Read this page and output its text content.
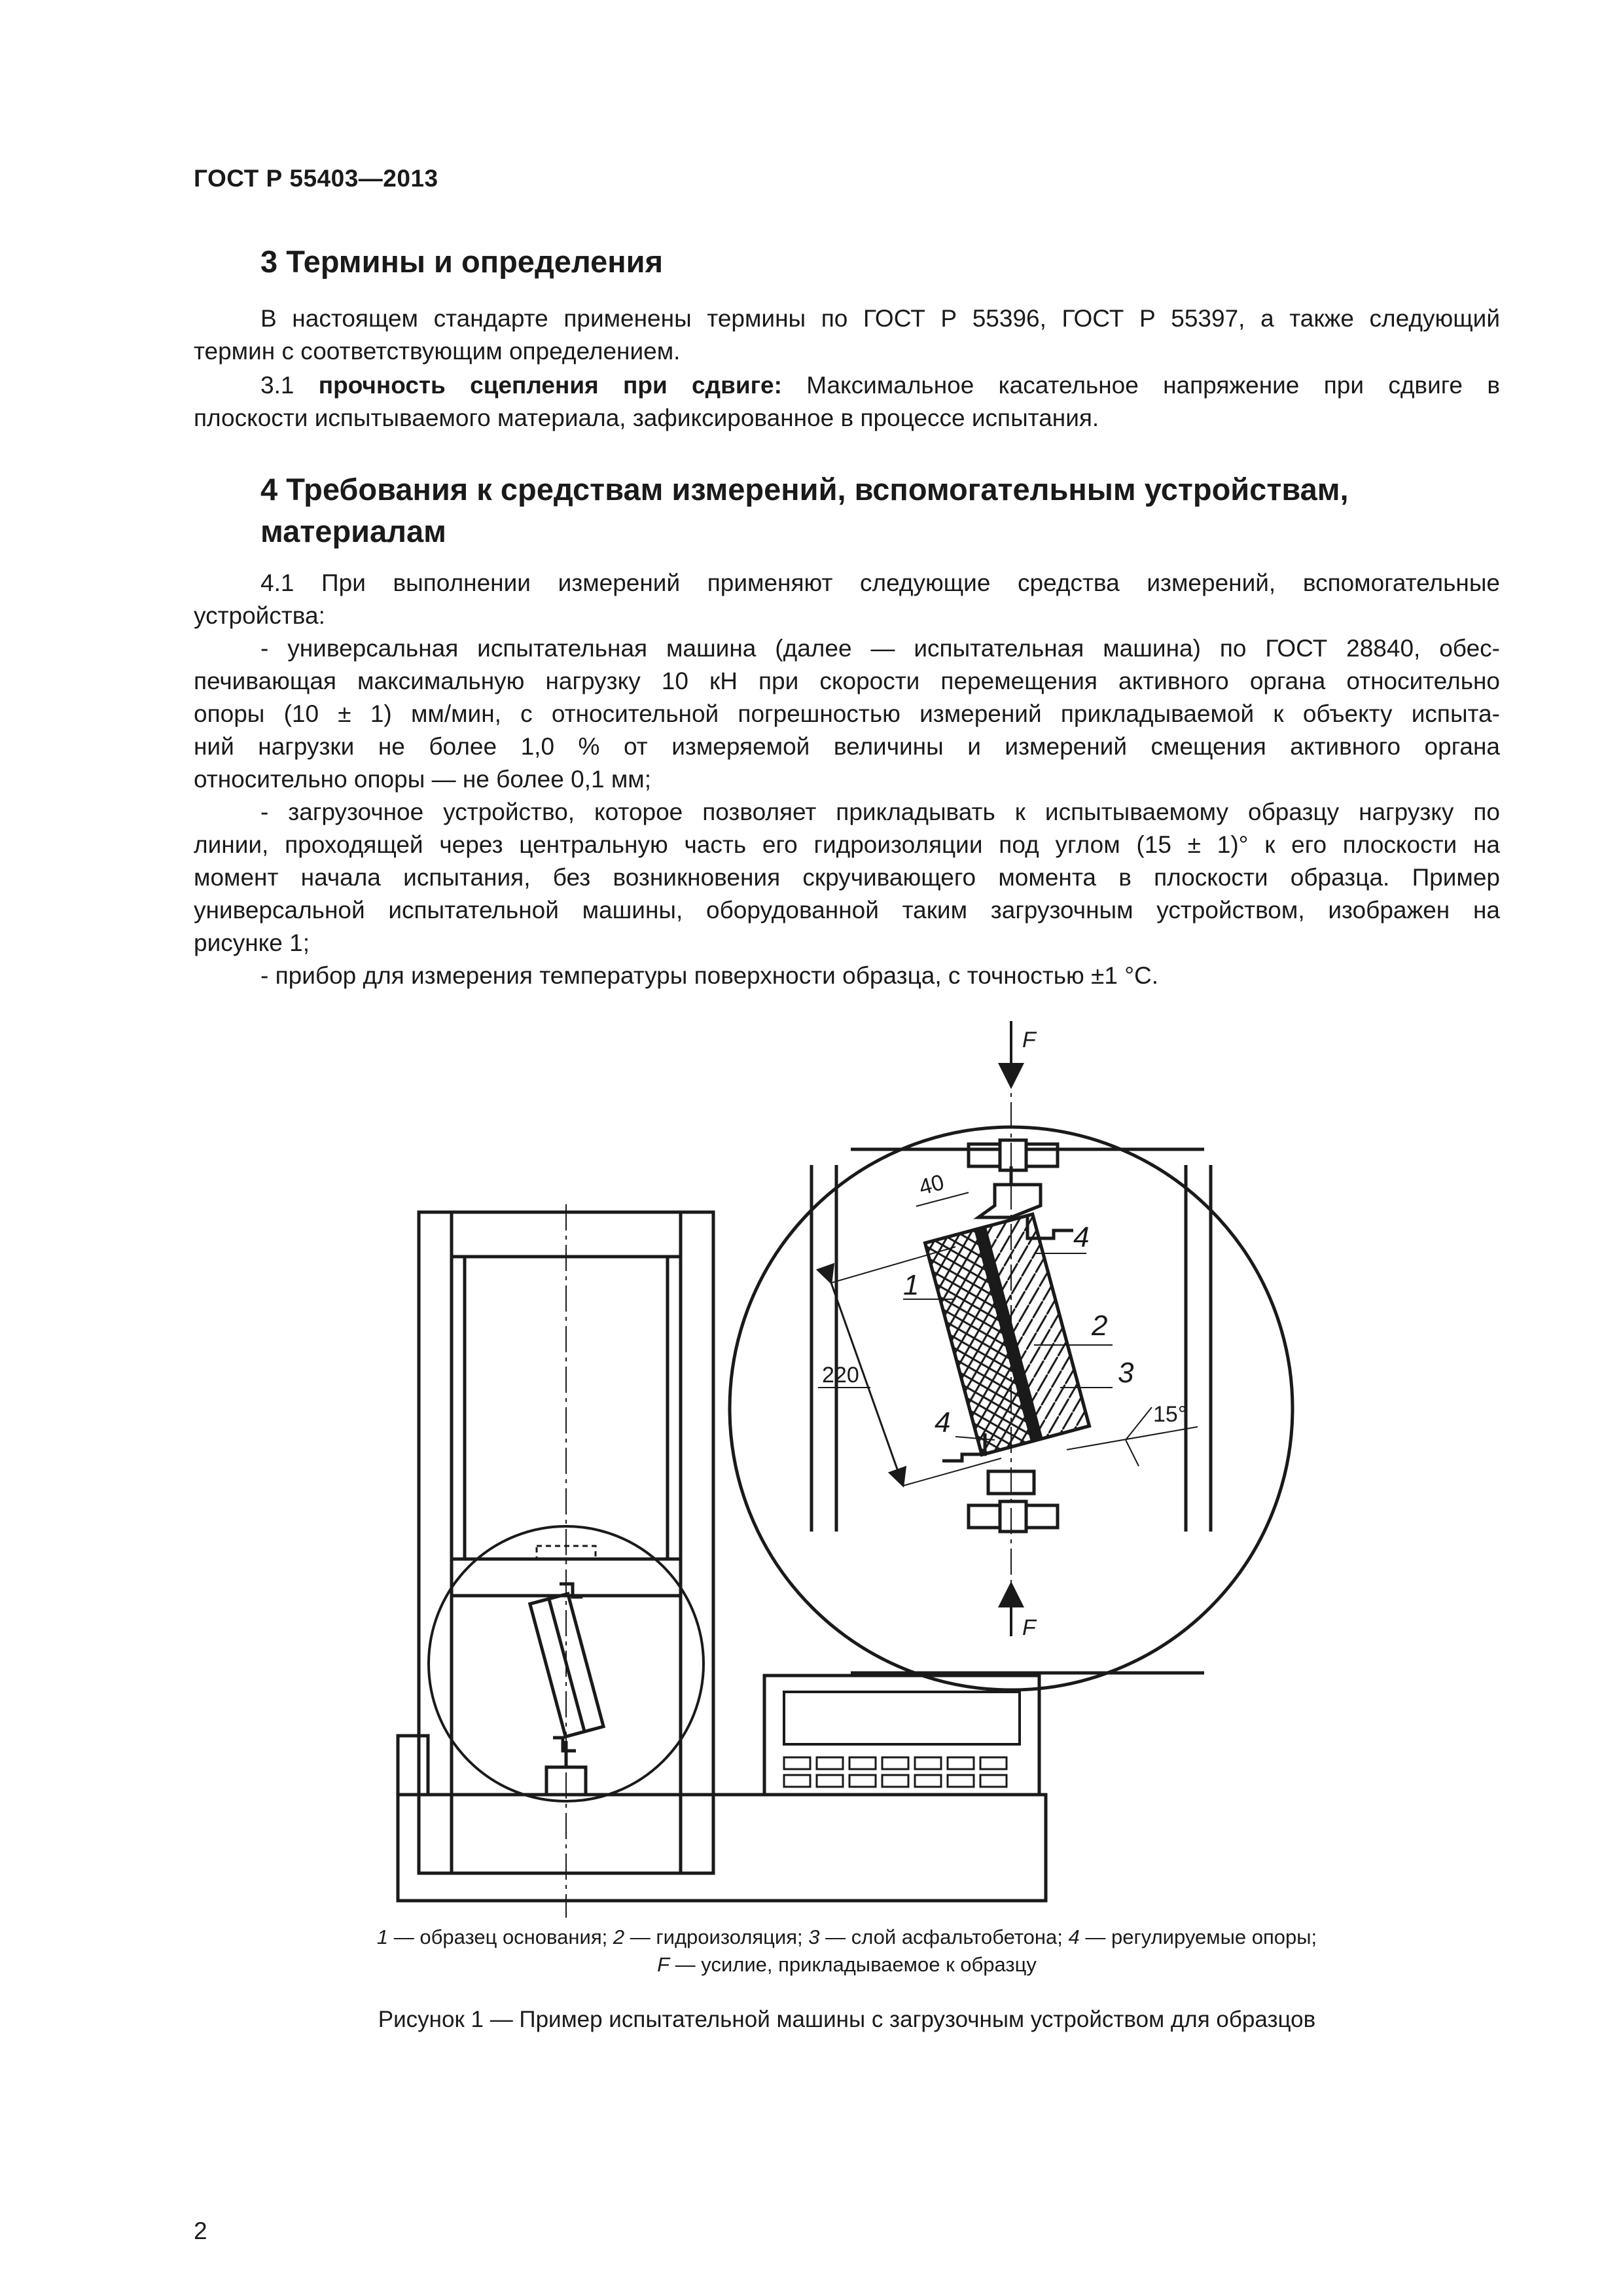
ГОСТ Р 55403—2013
3 Термины и определения
В настоящем стандарте применены термины по ГОСТ Р 55396, ГОСТ Р 55397, а также следующий
термин с соответствующим определением.
3.1 прочность сцепления при сдвиге: Максимальное касательное напряжение при сдвиге в
плоскости испытываемого материала, зафиксированное в процессе испытания.
4 Требования к средствам измерений, вспомогательным устройствам,
материалам
4.1 При выполнении измерений применяют следующие средства измерений, вспомогательные
устройства:
- универсальная испытательная машина (далее — испытательная машина) по ГОСТ 28840, обес-
печивающая максимальную нагрузку 10 кН при скорости перемещения активного органа относительно
опоры (10 ± 1) мм/мин, с относительной погрешностью измерений прикладываемой к объекту испыта-
ний нагрузки не более 1,0 % от измеряемой величины и измерений смещения активного органа
относительно опоры — не более 0,1 мм;
- загрузочное устройство, которое позволяет прикладывать к испытываемому образцу нагрузку по
линии, проходящей через центральную часть его гидроизоляции под углом (15 ± 1)° к его плоскости на
момент начала испытания, без возникновения скручивающего момента в плоскости образца. Пример
универсальной испытательной машины, оборудованной таким загрузочным устройством, изображен на
рисунке 1;
- прибор для измерения температуры поверхности образца, с точностью ±1 °С.
F
F
40
220
15°
1
2
3
4
4
1 — образец основания; 2 — гидроизоляция; 3 — слой асфальтобетона; 4 — регулируемые опоры;
F — усилие, прикладываемое к образцу
Рисунок 1 — Пример испытательной машины с загрузочным устройством для образцов
2
